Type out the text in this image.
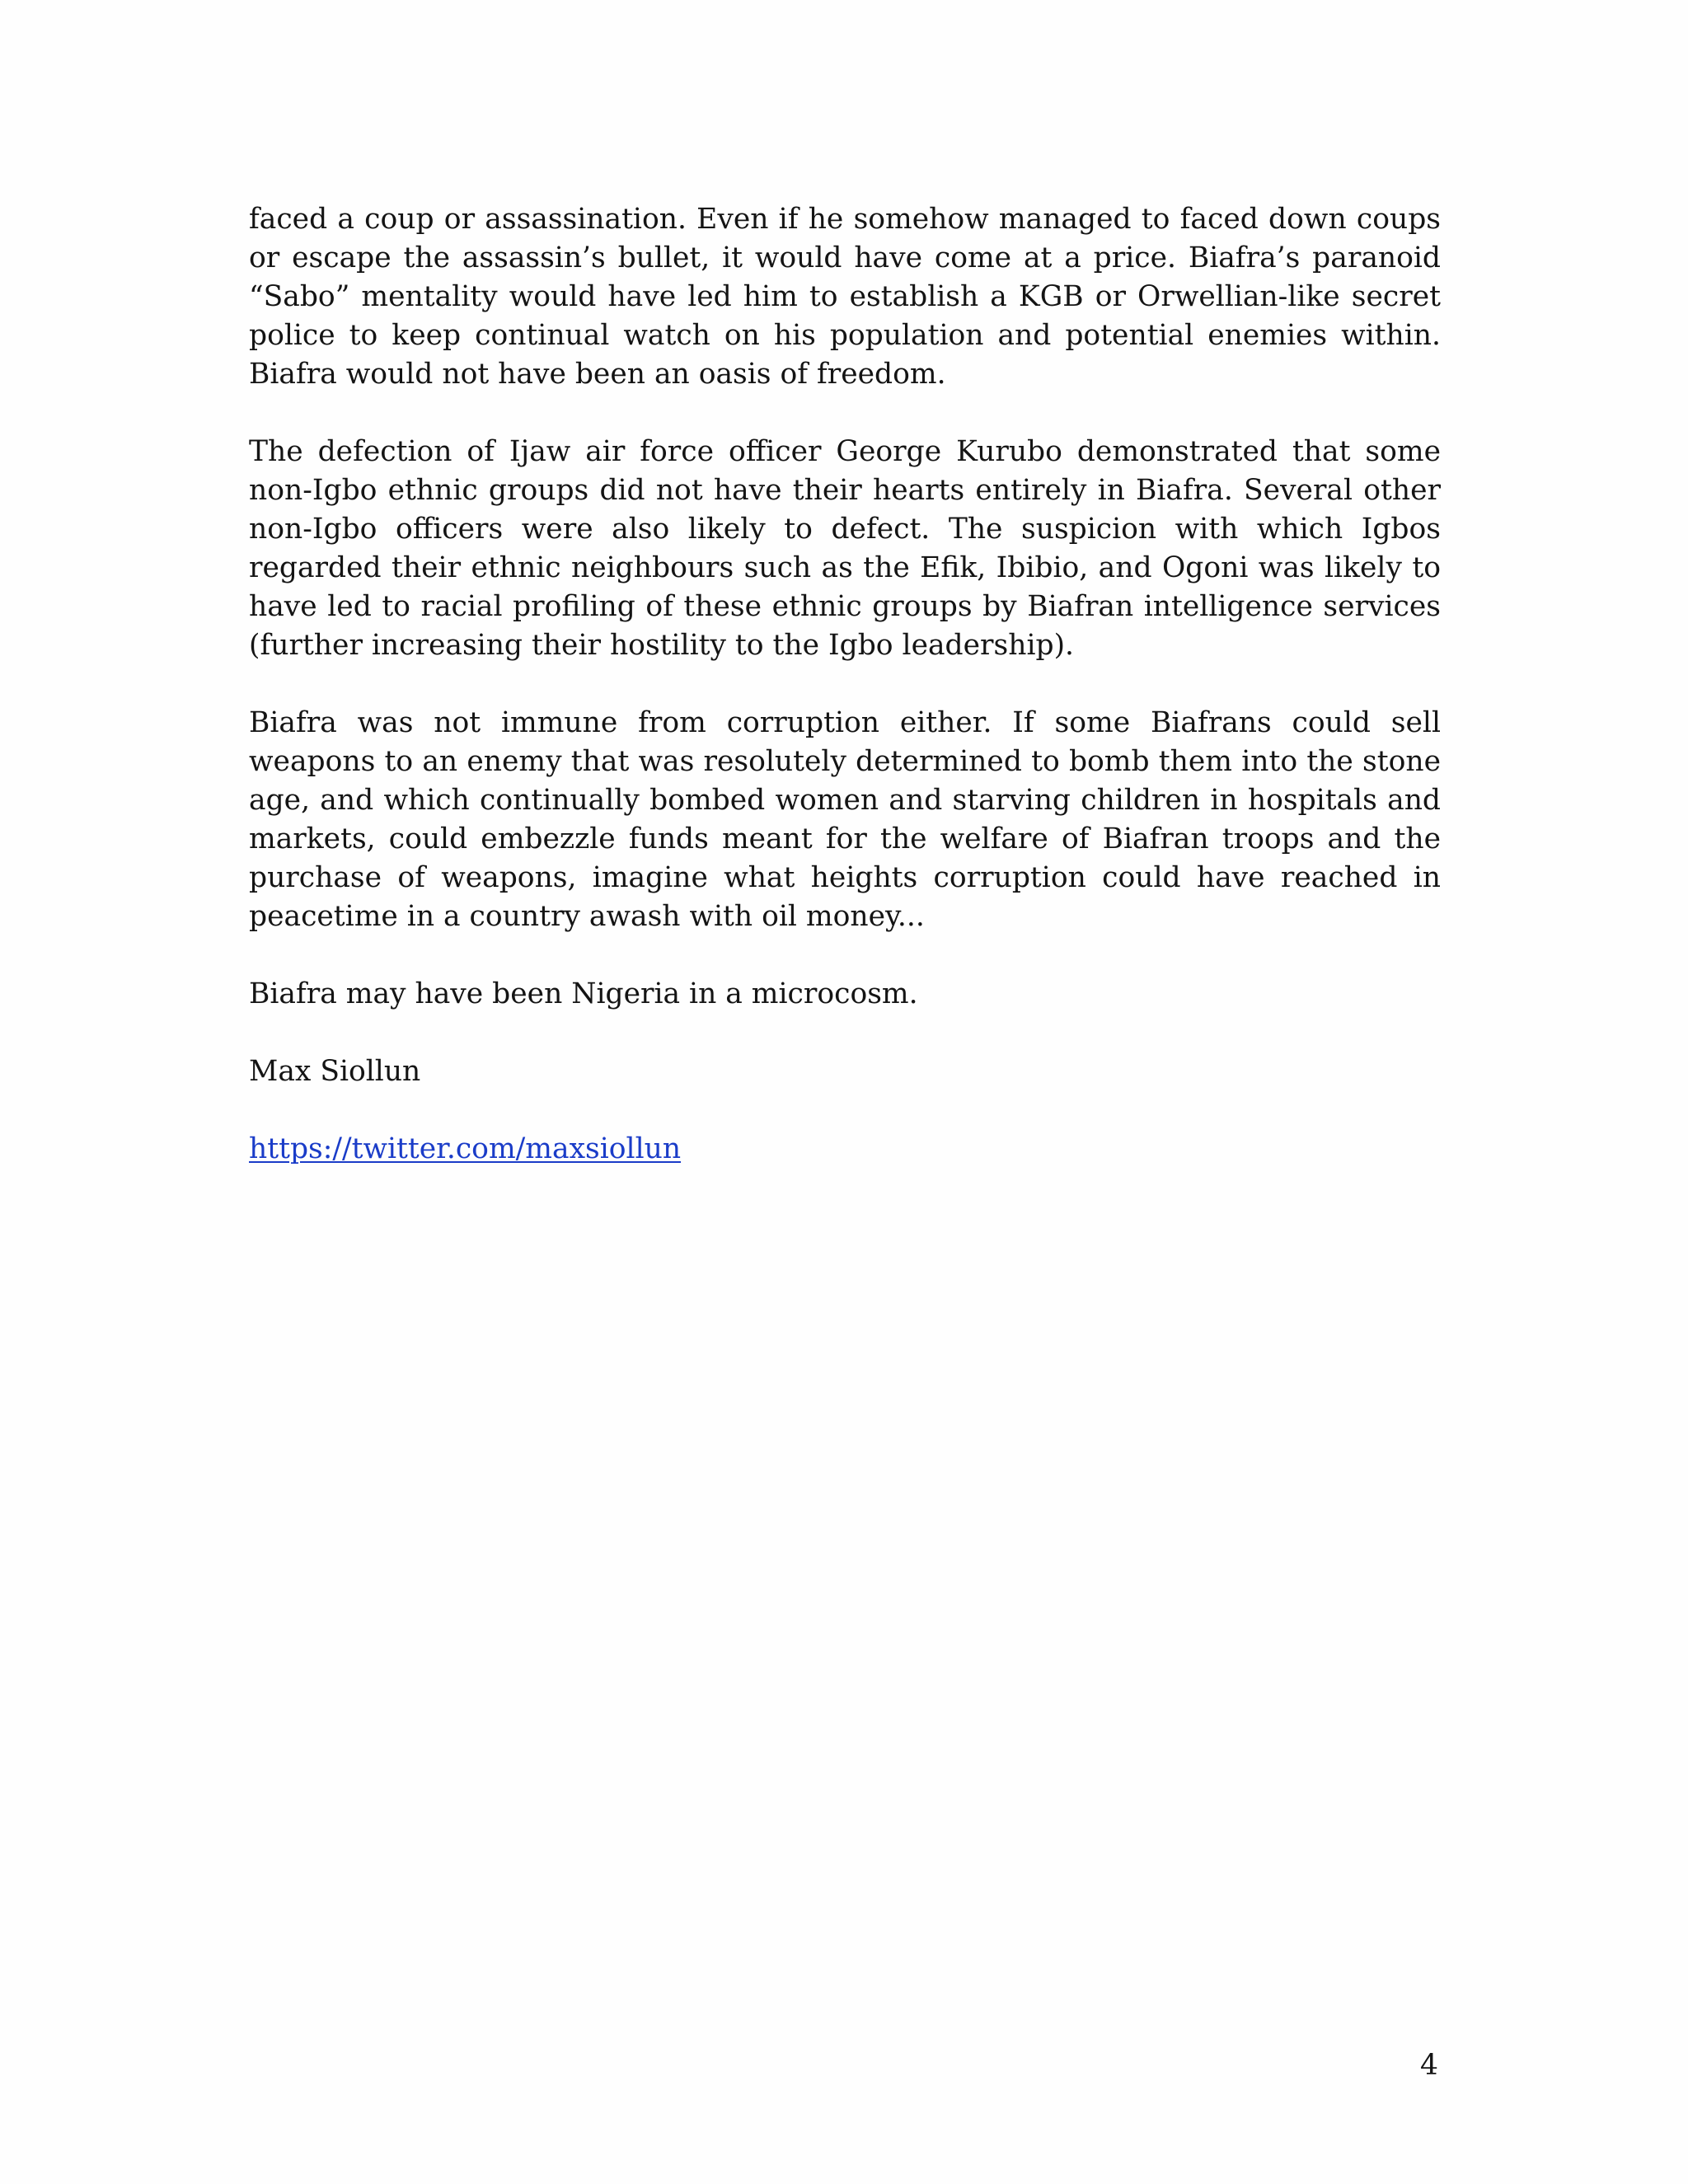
faced a coup or assassination. Even if he somehow managed to faced down coups or escape the assassin’s bullet, it would have come at a price. Biafra’s paranoid “Sabo” mentality would have led him to establish a KGB or Orwellian-like secret police to keep continual watch on his population and potential enemies within. Biafra would not have been an oasis of freedom.

The defection of Ijaw air force officer George Kurubo demonstrated that some non-Igbo ethnic groups did not have their hearts entirely in Biafra. Several other non-Igbo officers were also likely to defect. The suspicion with which Igbos regarded their ethnic neighbours such as the Efik, Ibibio, and Ogoni was likely to have led to racial profiling of these ethnic groups by Biafran intelligence services (further increasing their hostility to the Igbo leadership).

Biafra was not immune from corruption either. If some Biafrans could sell weapons to an enemy that was resolutely determined to bomb them into the stone age, and which continually bombed women and starving children in hospitals and markets, could embezzle funds meant for the welfare of Biafran troops and the purchase of weapons, imagine what heights corruption could have reached in peacetime in a country awash with oil money...

Biafra may have been Nigeria in a microcosm.

Max Siollun

https://twitter.com/maxsiollun

4
